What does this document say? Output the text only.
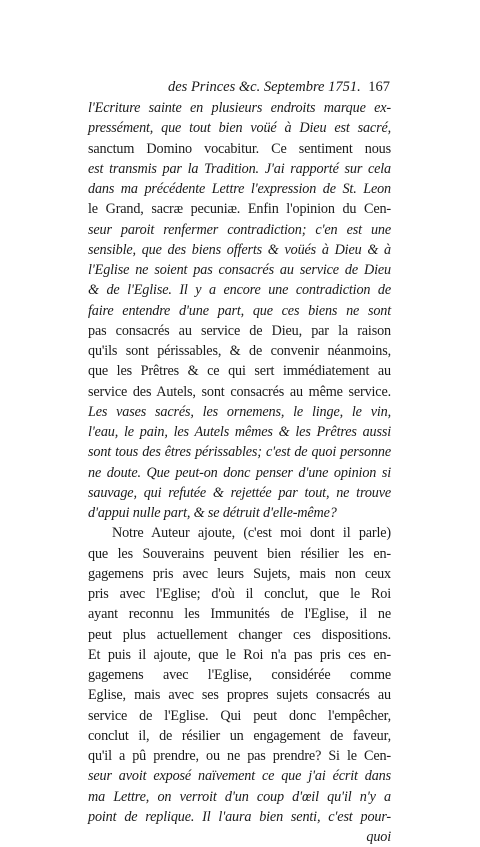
des Princes &c. Septembre 1751. 167
l'Ecriture sainte en plusieurs endroits marque ex-
pressément, que tout bien voüé à Dieu est sacré,
sanctum Domino vocabitur. Ce sentiment nous
est transmis par la Tradition. J'ai rapporté sur cela
dans ma précédente Lettre l'expression de St. Leon
le Grand, sacræ pecuniæ. Enfin l'opinion du Cen-
seur paroit renfermer contradiction; c'en est une
sensible, que des biens offerts & voüés à Dieu & à
l'Eglise ne soient pas consacrés au service de Dieu
& de l'Eglise. Il y a encore une contradiction de
faire entendre d'une part, que ces biens ne sont
pas consacrés au service de Dieu, par la raison
qu'ils sont périssables, & de convenir néanmoins,
que les Prêtres & ce qui sert immédiatement au
service des Autels, sont consacrés au même service.
Les vases sacrés, les ornemens, le linge, le vin,
l'eau, le pain, les Autels mêmes & les Prêtres aussi
sont tous des êtres périssables; c'est de quoi personne
ne doute. Que peut-on donc penser d'une opinion si
sauvage, qui refutée & rejettée par tout, ne trouve
d'appui nulle part, & se détruit d'elle-même?
Notre Auteur ajoute, (c'est moi dont il parle)
que les Souverains peuvent bien résilier les en-
gagemens pris avec leurs Sujets, mais non ceux
pris avec l'Eglise; d'où il conclut, que le Roi
ayant reconnu les Immunités de l'Eglise, il ne
peut plus actuellement changer ces dispositions.
Et puis il ajoute, que le Roi n'a pas pris ces en-
gagemens avec l'Eglise, considérée comme
Eglise, mais avec ses propres sujets consacrés au
service de l'Eglise. Qui peut donc l'empêcher,
conclut il, de résilier un engagement de faveur,
qu'il a pû prendre, ou ne pas prendre? Si le Cen-
seur avoit exposé naïvement ce que j'ai écrit dans
ma Lettre, on verroit d'un coup d'œil qu'il n'y a
point de replique. Il l'aura bien senti, c'est pour-
quoi
